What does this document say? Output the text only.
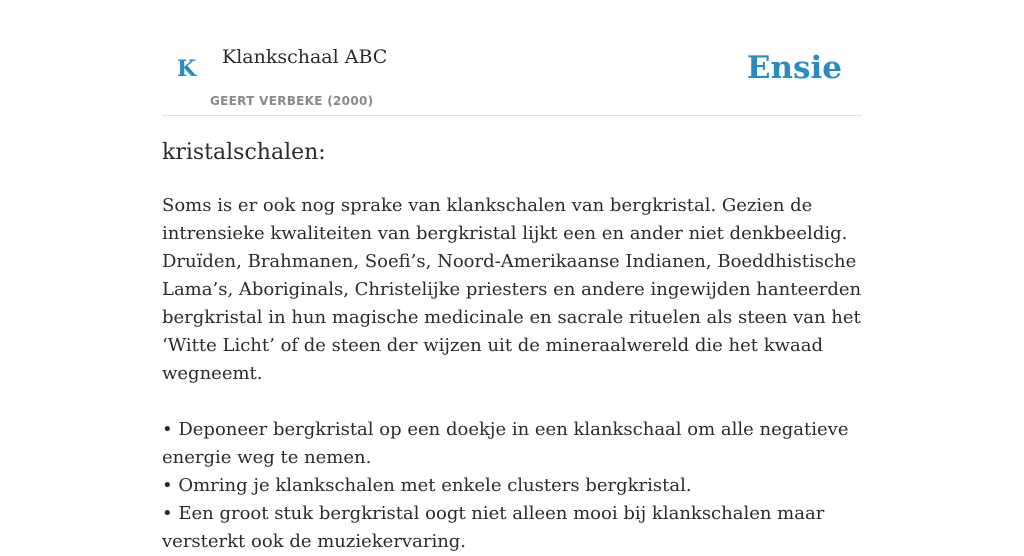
K Klankschaal ABC
GEERT VERBEKE (2000)
Ensie
kristalschalen:

Soms is er ook nog sprake van klankschalen van bergkristal. Gezien de intrensieke kwaliteiten van bergkristal lijkt een en ander niet denkbeeldig. Druïden, Brahmanen, Soefi’s, Noord-Amerikaanse Indianen, Boeddhistische Lama’s, Aboriginals, Christelijke priesters en andere ingewijden hanteerden bergkristal in hun magische medicinale en sacrale rituelen als steen van het ‘Witte Licht’ of de steen der wijzen uit de mineraalwereld die het kwaad wegneemt.

• Deponeer bergkristal op een doekje in een klankschaal om alle negatieve energie weg te nemen.

• Omring je klankschalen met enkele clusters bergkristal.

• Een groot stuk bergkristal oogt niet alleen mooi bij klankschalen maar versterkt ook de muziekervaring.
